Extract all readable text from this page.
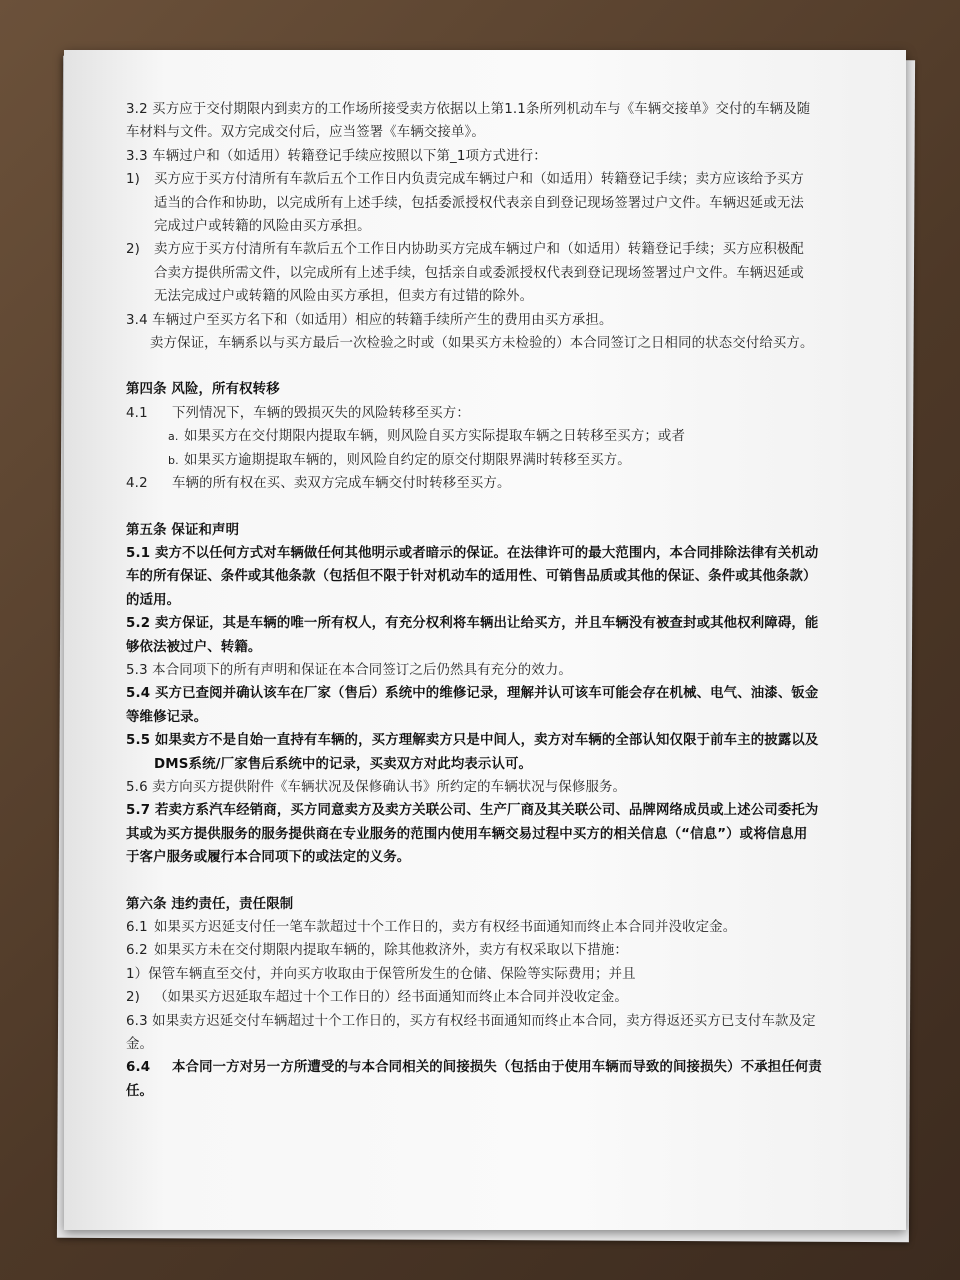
3.2 买方应于交付期限内到卖方的工作场所接受卖方依据以上第1.1条所列机动车与《车辆交接单》交付的车辆及随
车材料与文件。双方完成交付后，应当签署《车辆交接单》。
3.3 车辆过户和（如适用）转籍登记手续应按照以下第_1项方式进行：
1) 买方应于买方付清所有车款后五个工作日内负责完成车辆过户和（如适用）转籍登记手续；卖方应该给予买方
适当的合作和协助，以完成所有上述手续，包括委派授权代表亲自到登记现场签署过户文件。车辆迟延或无法
完成过户或转籍的风险由买方承担。
2) 卖方应于买方付清所有车款后五个工作日内协助买方完成车辆过户和（如适用）转籍登记手续；买方应积极配
合卖方提供所需文件，以完成所有上述手续，包括亲自或委派授权代表到登记现场签署过户文件。车辆迟延或
无法完成过户或转籍的风险由买方承担，但卖方有过错的除外。
3.4 车辆过户至买方名下和（如适用）相应的转籍手续所产生的费用由买方承担。
卖方保证，车辆系以与买方最后一次检验之时或（如果买方未检验的）本合同签订之日相同的状态交付给买方。
第四条 风险，所有权转移
4.1 下列情况下，车辆的毁损灭失的风险转移至买方：
a. 如果买方在交付期限内提取车辆，则风险自买方实际提取车辆之日转移至买方；或者
b. 如果买方逾期提取车辆的，则风险自约定的原交付期限界满时转移至买方。
4.2 车辆的所有权在买、卖双方完成车辆交付时转移至买方。
第五条 保证和声明
5.1 卖方不以任何方式对车辆做任何其他明示或者暗示的保证。在法律许可的最大范围内，本合同排除法律有关机动
车的所有保证、条件或其他条款（包括但不限于针对机动车的适用性、可销售品质或其他的保证、条件或其他条款）
的适用。
5.2 卖方保证，其是车辆的唯一所有权人，有充分权利将车辆出让给买方，并且车辆没有被查封或其他权利障碍，能
够依法被过户、转籍。
5.3 本合同项下的所有声明和保证在本合同签订之后仍然具有充分的效力。
5.4 买方已查阅并确认该车在厂家（售后）系统中的维修记录，理解并认可该车可能会存在机械、电气、油漆、钣金
等维修记录。
5.5 如果卖方不是自始一直持有车辆的，买方理解卖方只是中间人，卖方对车辆的全部认知仅限于前车主的披露以及
DMS系统/厂家售后系统中的记录，买卖双方对此均表示认可。
5.6 卖方向买方提供附件《车辆状况及保修确认书》所约定的车辆状况与保修服务。
5.7 若卖方系汽车经销商，买方同意卖方及卖方关联公司、生产厂商及其关联公司、品牌网络成员或上述公司委托为
其或为买方提供服务的服务提供商在专业服务的范围内使用车辆交易过程中买方的相关信息（“信息”）或将信息用
于客户服务或履行本合同项下的或法定的义务。
第六条 违约责任，责任限制
6.1 如果买方迟延支付任一笔车款超过十个工作日的，卖方有权经书面通知而终止本合同并没收定金。
6.2 如果买方未在交付期限内提取车辆的，除其他救济外，卖方有权采取以下措施：
1）保管车辆直至交付，并向买方收取由于保管所发生的仓储、保险等实际费用；并且
2) （如果买方迟延取车超过十个工作日的）经书面通知而终止本合同并没收定金。
6.3 如果卖方迟延交付车辆超过十个工作日的，买方有权经书面通知而终止本合同，卖方得返还买方已支付车款及定
金。
6.4 本合同一方对另一方所遭受的与本合同相关的间接损失（包括由于使用车辆而导致的间接损失）不承担任何责
任。
